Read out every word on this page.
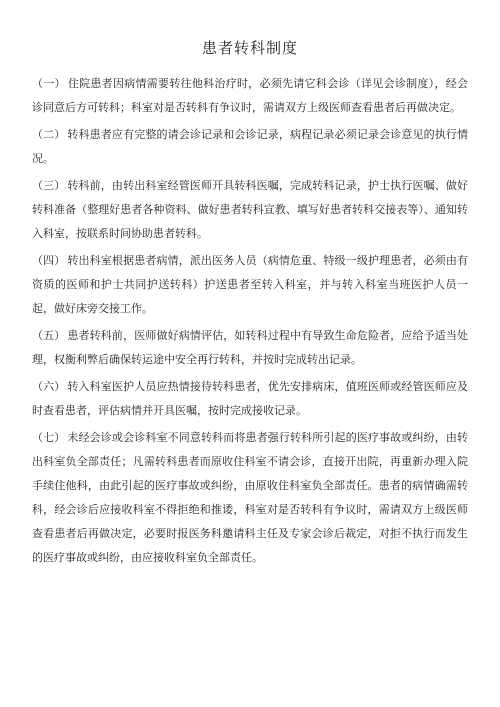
患者转科制度

（一） 住院患者因病情需要转往他科治疗时，必须先请它科会诊（详见会诊制度），经会诊同意后方可转科；科室对是否转科有争议时，需请双方上级医师查看患者后再做决定。

（二） 转科患者应有完整的请会诊记录和会诊记录，病程记录必须记录会诊意见的执行情况。

（三） 转科前，由转出科室经管医师开具转科医嘱，完成转科记录，护士执行医嘱、做好转科准备（整理好患者各种资料、做好患者转科宣教、填写好患者转科交接表等）、通知转入科室，按联系时间协助患者转科。

（四） 转出科室根据患者病情，派出医务人员（病情危重、特级一级护理患者，必须由有资质的医师和护士共同护送转科）护送患者至转入科室，并与转入科室当班医护人员一起，做好床旁交接工作。

（五） 患者转科前，医师做好病情评估，如转科过程中有导致生命危险者，应给予适当处理，权衡利弊后确保转运途中安全再行转科，并按时完成转出记录。

（六） 转入科室医护人员应热情接待转科患者，优先安排病床，值班医师或经管医师应及时查看患者，评估病情并开具医嘱，按时完成接收记录。

（七） 未经会诊或会诊科室不同意转科而将患者强行转科所引起的医疗事故或纠纷，由转出科室负全部责任；凡需转科患者而原收住科室不请会诊，直接开出院，再重新办理入院手续住他科，由此引起的医疗事故或纠纷，由原收住科室负全部责任。患者的病情确需转科，经会诊后应接收科室不得拒绝和推诿，科室对是否转科有争议时，需请双方上级医师查看患者后再做决定，必要时报医务科邀请科主任及专家会诊后裁定，对拒不执行而发生的医疗事故或纠纷，由应接收科室负全部责任。
